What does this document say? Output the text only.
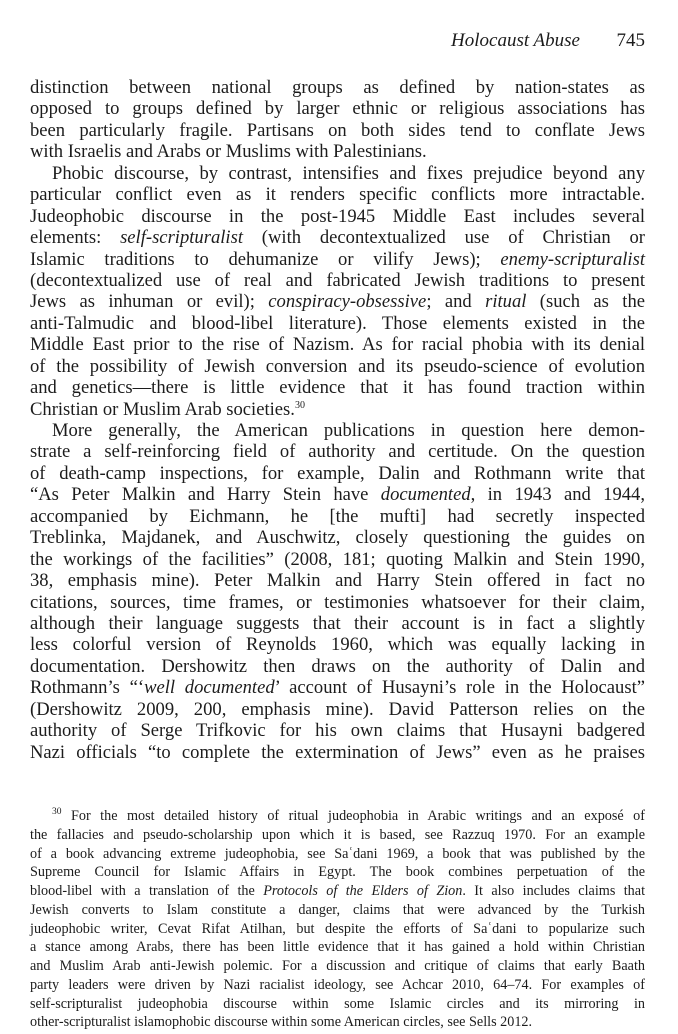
Holocaust Abuse 745
distinction between national groups as defined by nation-states as
opposed to groups defined by larger ethnic or religious associations has
been particularly fragile. Partisans on both sides tend to conflate Jews
with Israelis and Arabs or Muslims with Palestinians.
Phobic discourse, by contrast, intensifies and fixes prejudice beyond any
particular conflict even as it renders specific conflicts more intractable.
Judeophobic discourse in the post-1945 Middle East includes several
elements: self-scripturalist (with decontextualized use of Christian or
Islamic traditions to dehumanize or vilify Jews); enemy-scripturalist
(decontextualized use of real and fabricated Jewish traditions to present
Jews as inhuman or evil); conspiracy-obsessive; and ritual (such as the
anti-Talmudic and blood-libel literature). Those elements existed in the
Middle East prior to the rise of Nazism. As for racial phobia with its denial
of the possibility of Jewish conversion and its pseudo-science of evolution
and genetics—there is little evidence that it has found traction within
Christian or Muslim Arab societies.$^{30}$
More generally, the American publications in question here demon-
strate a self-reinforcing field of authority and certitude. On the question
of death-camp inspections, for example, Dalin and Rothmann write that
“As Peter Malkin and Harry Stein have documented, in 1943 and 1944,
accompanied by Eichmann, he [the mufti] had secretly inspected
Treblinka, Majdanek, and Auschwitz, closely questioning the guides on
the workings of the facilities” (2008, 181; quoting Malkin and Stein 1990,
38, emphasis mine). Peter Malkin and Harry Stein offered in fact no
citations, sources, time frames, or testimonies whatsoever for their claim,
although their language suggests that their account is in fact a slightly
less colorful version of Reynolds 1960, which was equally lacking in
documentation. Dershowitz then draws on the authority of Dalin and
Rothmann’s “‘well documented’ account of Husayni’s role in the Holocaust”
(Dershowitz 2009, 200, emphasis mine). David Patterson relies on the
authority of Serge Trifkovic for his own claims that Husayni badgered
Nazi officials “to complete the extermination of Jews” even as he praises
$^{30}$ For the most detailed history of ritual judeophobia in Arabic writings and an exposé of
the fallacies and pseudo-scholarship upon which it is based, see Razzuq 1970. For an example
of a book advancing extreme judeophobia, see Saʿdani 1969, a book that was published by the
Supreme Council for Islamic Affairs in Egypt. The book combines perpetuation of the
blood-libel with a translation of the Protocols of the Elders of Zion. It also includes claims that
Jewish converts to Islam constitute a danger, claims that were advanced by the Turkish
judeophobic writer, Cevat Rifat Atilhan, but despite the efforts of Saʿdani to popularize such
a stance among Arabs, there has been little evidence that it has gained a hold within Christian
and Muslim Arab anti-Jewish polemic. For a discussion and critique of claims that early Baath
party leaders were driven by Nazi racialist ideology, see Achcar 2010, 64–74. For examples of
self-scripturalist judeophobia discourse within some Islamic circles and its mirroring in
other-scripturalist islamophobic discourse within some American circles, see Sells 2012.
